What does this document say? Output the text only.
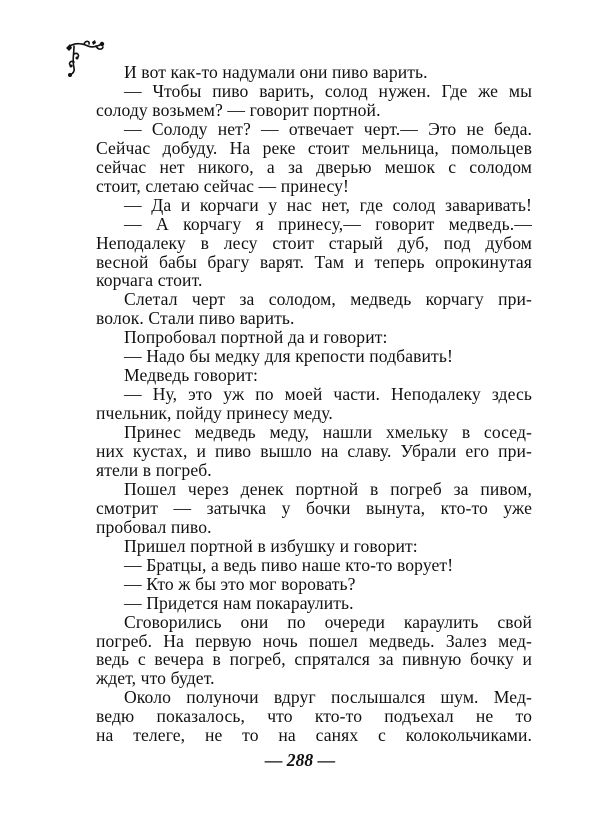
И вот как-то надумали они пиво варить.
— Чтобы пиво варить, солод нужен. Где же мы
солоду возьмем? — говорит портной.
— Солоду нет? — отвечает черт.— Это не беда.
Сейчас добуду. На реке стоит мельница, помольцев
сейчас нет никого, а за дверью мешок с солодом
стоит, слетаю сейчас — принесу!
— Да и корчаги у нас нет, где солод заваривать!
— А корчагу я принесу,— говорит медведь.—
Неподалеку в лесу стоит старый дуб, под дубом
весной бабы брагу варят. Там и теперь опрокинутая
корчага стоит.
Слетал черт за солодом, медведь корчагу при-
волок. Стали пиво варить.
Попробовал портной да и говорит:
— Надо бы медку для крепости подбавить!
Медведь говорит:
— Ну, это уж по моей части. Неподалеку здесь
пчельник, пойду принесу меду.
Принес медведь меду, нашли хмельку в сосед-
них кустах, и пиво вышло на славу. Убрали его при-
ятели в погреб.
Пошел через денек портной в погреб за пивом,
смотрит — затычка у бочки вынута, кто-то уже
пробовал пиво.
Пришел портной в избушку и говорит:
— Братцы, а ведь пиво наше кто-то ворует!
— Кто ж бы это мог воровать?
— Придется нам покараулить.
Сговорились они по очереди караулить свой
погреб. На первую ночь пошел медведь. Залез мед-
ведь с вечера в погреб, спрятался за пивную бочку и
ждет, что будет.
Около полуночи вдруг послышался шум. Мед-
ведю показалось, что кто-то подъехал не то
на телеге, не то на санях с колокольчиками.
— 288 —
